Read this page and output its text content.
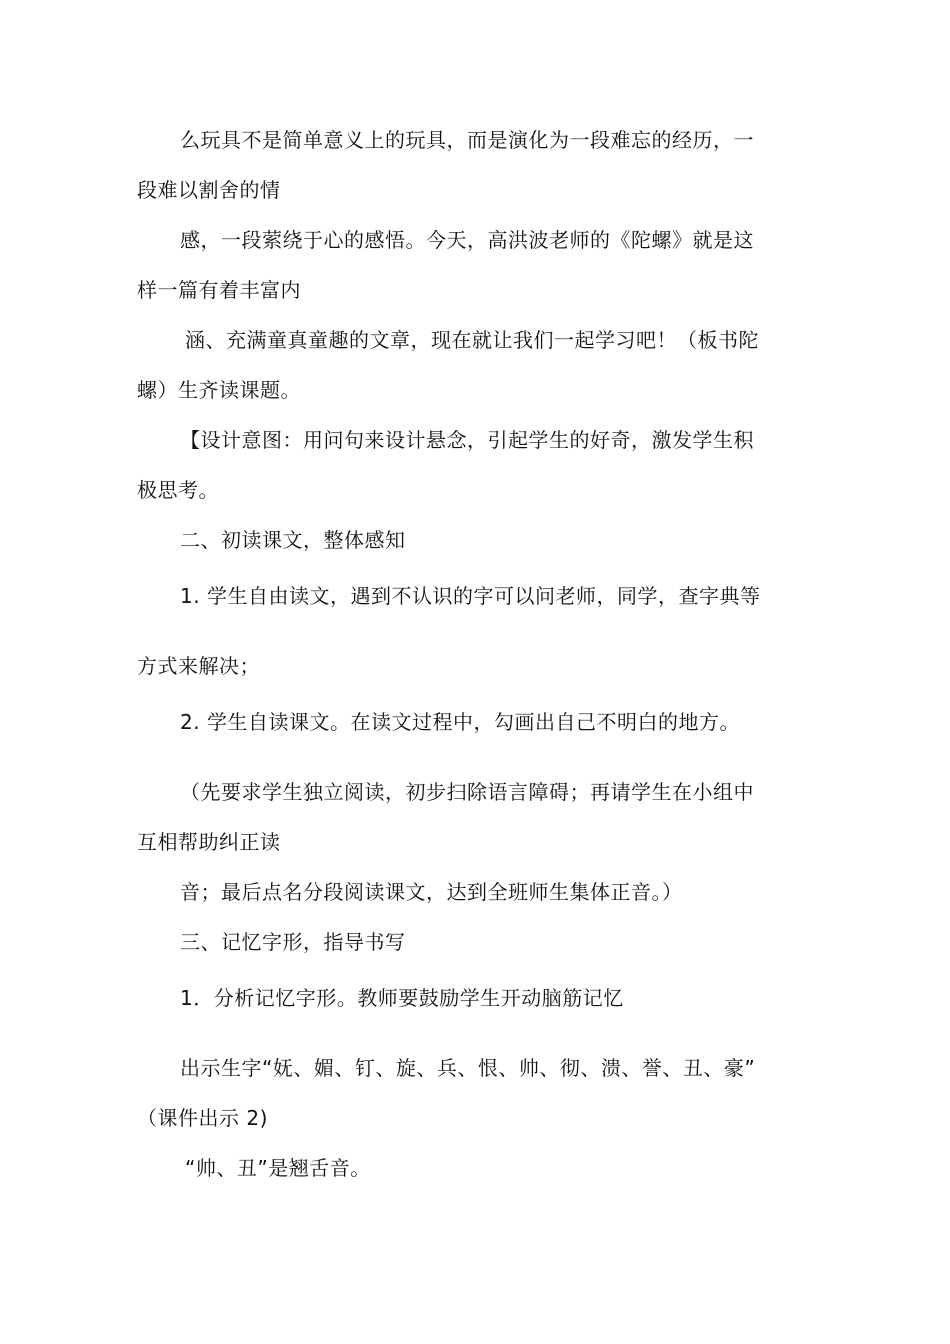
么玩具不是简单意义上的玩具，而是演化为一段难忘的经历，一
段难以割舍的情
感，一段萦绕于心的感悟。今天，高洪波老师的《陀螺》就是这
样一篇有着丰富内
涵、充满童真童趣的文章，现在就让我们一起学习吧！（板书陀
螺）生齐读课题。
【设计意图：用问句来设计悬念，引起学生的好奇，激发学生积
极思考。
二、初读课文，整体感知
1. 学生自由读文，遇到不认识的字可以问老师，同学，查字典等
方式来解决；
2. 学生自读课文。在读文过程中，勾画出自己不明白的地方。
（先要求学生独立阅读，初步扫除语言障碍；再请学生在小组中
互相帮助纠正读
音；最后点名分段阅读课文，达到全班师生集体正音。）
三、记忆字形，指导书写
1．分析记忆字形。教师要鼓励学生开动脑筋记忆
出示生字“妩、媚、钉、旋、兵、恨、帅、彻、溃、誉、丑、豪”
（课件出示 2)
“帅、丑”是翘舌音。
